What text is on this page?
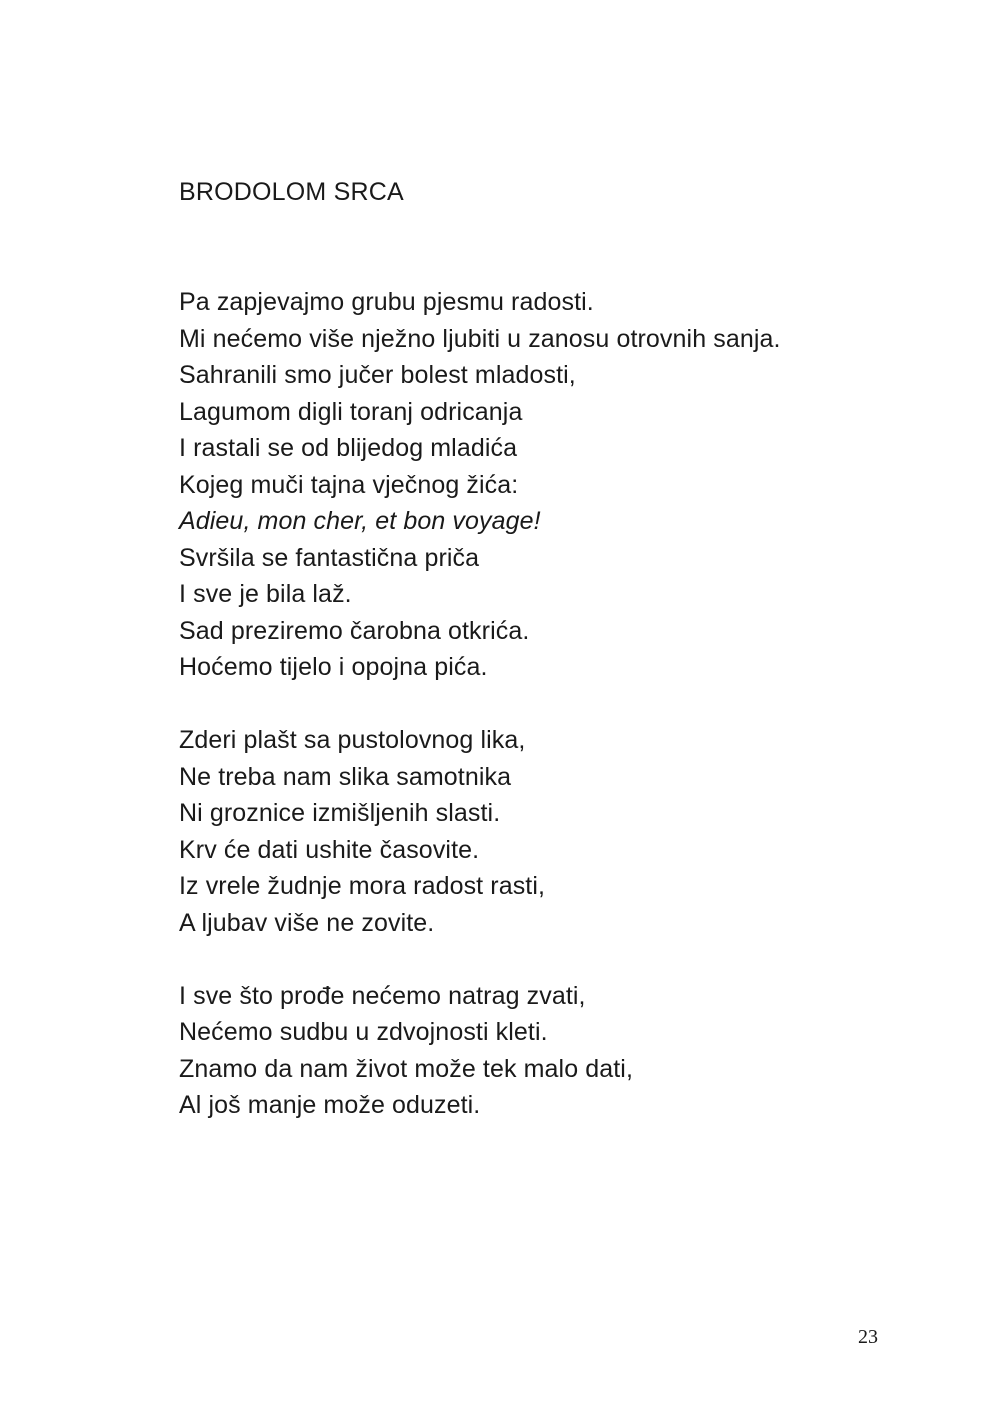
BRODOLOM SRCA
Pa zapjevajmo grubu pjesmu radosti.
Mi nećemo više nježno ljubiti u zanosu otrovnih sanja.
Sahranili smo jučer bolest mladosti,
Lagumom digli toranj odricanja
I rastali se od blijedog mladića
Kojeg muči tajna vječnog žića:
Adieu, mon cher, et bon voyage!
Svršila se fantastična priča
I sve je bila laž.
Sad preziremo čarobna otkrića.
Hoćemo tijelo i opojna pića.
Zderi plašt sa pustolovnog lika,
Ne treba nam slika samotnika
Ni groznice izmišljenih slasti.
Krv će dati ushite časovite.
Iz vrele žudnje mora radost rasti,
A ljubav više ne zovite.
I sve što prođe nećemo natrag zvati,
Nećemo sudbu u zdvojnosti kleti.
Znamo da nam život može tek malo dati,
Al još manje može oduzeti.
23
